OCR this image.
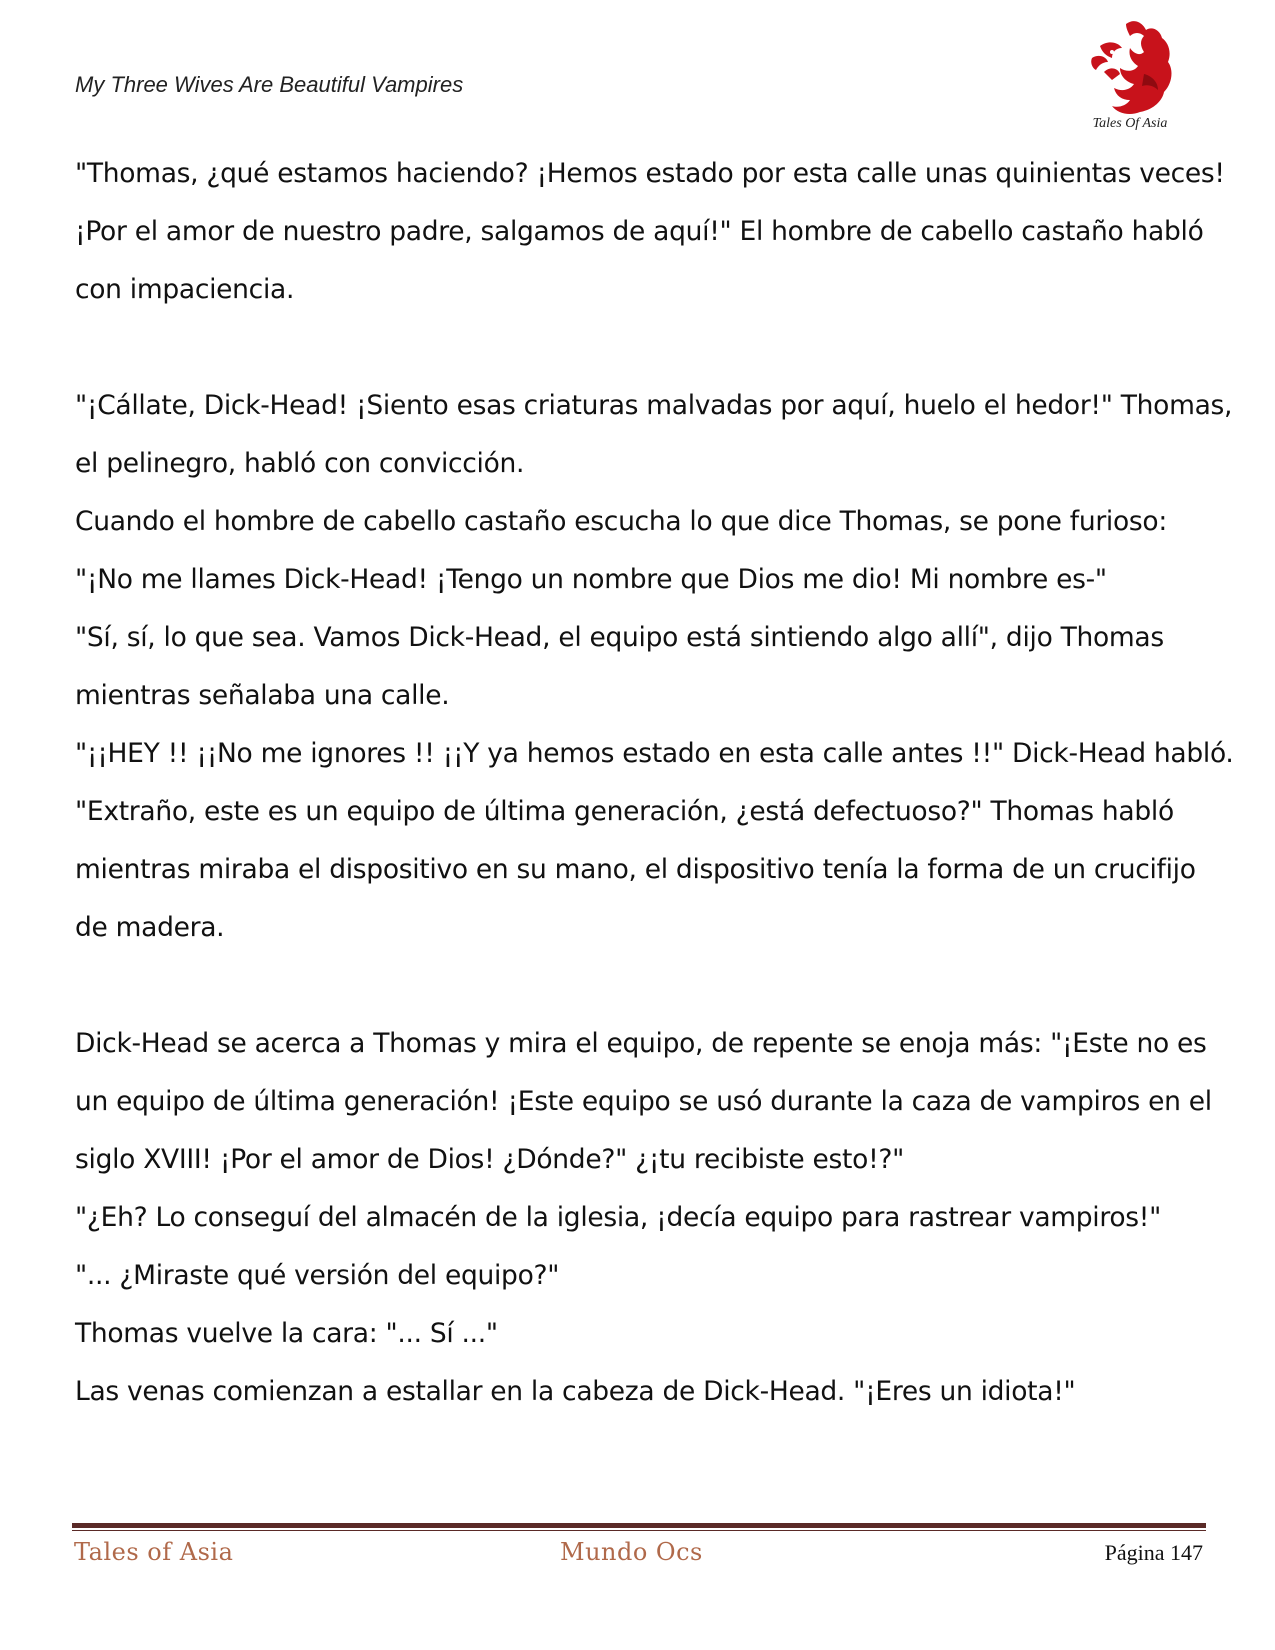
My Three Wives Are Beautiful Vampires
Tales Of Asia
"Thomas, ¿qué estamos haciendo? ¡Hemos estado por esta calle unas quinientas veces!
¡Por el amor de nuestro padre, salgamos de aquí!" El hombre de cabello castaño habló
con impaciencia.
"¡Cállate, Dick-Head! ¡Siento esas criaturas malvadas por aquí, huelo el hedor!" Thomas,
el pelinegro, habló con convicción.
Cuando el hombre de cabello castaño escucha lo que dice Thomas, se pone furioso:
"¡No me llames Dick-Head! ¡Tengo un nombre que Dios me dio! Mi nombre es-"
"Sí, sí, lo que sea. Vamos Dick-Head, el equipo está sintiendo algo allí", dijo Thomas
mientras señalaba una calle.
"¡¡HEY !! ¡¡No me ignores !! ¡¡Y ya hemos estado en esta calle antes !!" Dick-Head habló.
"Extraño, este es un equipo de última generación, ¿está defectuoso?" Thomas habló
mientras miraba el dispositivo en su mano, el dispositivo tenía la forma de un crucifijo
de madera.
Dick-Head se acerca a Thomas y mira el equipo, de repente se enoja más: "¡Este no es
un equipo de última generación! ¡Este equipo se usó durante la caza de vampiros en el
siglo XVIII! ¡Por el amor de Dios! ¿Dónde?" ¿¡tu recibiste esto!?"
"¿Eh? Lo conseguí del almacén de la iglesia, ¡decía equipo para rastrear vampiros!"
"... ¿Miraste qué versión del equipo?"
Thomas vuelve la cara: "... Sí ..."
Las venas comienzan a estallar en la cabeza de Dick-Head. "¡Eres un idiota!"
Tales of Asia	Mundo Ocs	Página 147
